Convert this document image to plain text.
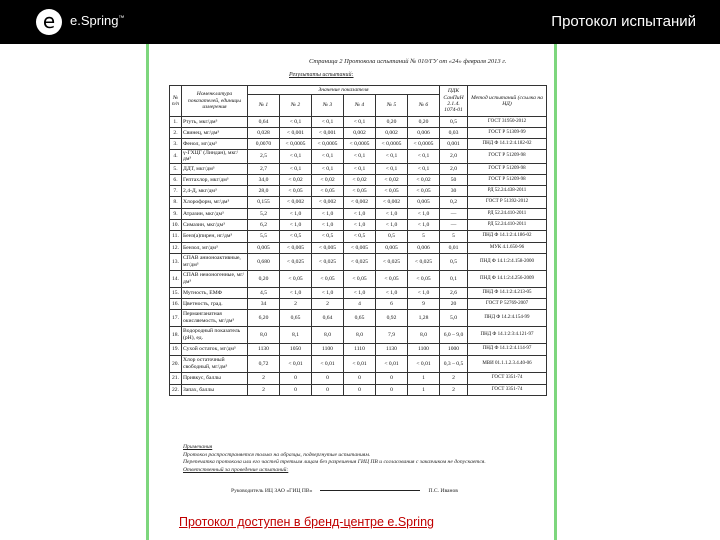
e	e.Spring™	Протокол испытаний
Страница 2 Протокола испытаний № 010/ГУ от «24» февраля 2013 г.
Результаты испытаний:
№ п/п	Номенклатура показателей, единицы измерения	Значение показателя						ПДК СанПиН 2.1.4. 1074-01	Метод испытаний (ссылка на НД)
		№ 1	№ 2	№ 3	№ 4	№ 5	№ 6		
1.	Ртуть, мкг/дм³	0,64	< 0,1	< 0,1	< 0,1	0,20	0,20	0,5	ГОСТ 31950-2012
2.	Свинец, мг/дм³	0,028	< 0,001	< 0,001	0,002	0,002	0,006	0,03	ГОСТ Р 51309-99
3.	Фенол, мг/дм³	0,0070	< 0,0005	< 0,0005	< 0,0005	< 0,0005	< 0,0005	0,001	ПНД Ф 14.1:2:4.182-02
4.	γ-ГХЦГ (Линдан), мкг/дм³	2,5	< 0,1	< 0,1	< 0,1	< 0,1	< 0,1	2,0	ГОСТ Р 51209-98
5.	ДДТ, мкг/дм³	2,7	< 0,1	< 0,1	< 0,1	< 0,1	< 0,1	2,0	ГОСТ Р 51209-98
6.	Гептахлор, мкг/дм³	34,0	< 0,02	< 0,02	< 0,02	< 0,02	< 0,02	50	ГОСТ Р 51209-98
7.	2,4-Д, мкг/дм³	28,0	< 0,05	< 0,05	< 0,05	< 0,05	< 0,05	30	РД 52.24.438-2011
8.	Хлороформ, мг/дм³	0,155	< 0,002	< 0,002	< 0,002	< 0,002	0,005	0,2	ГОСТ Р 51392-2012
9.	Атразин, мкг/дм³	5,2	< 1,0	< 1,0	< 1,0	< 1,0	< 1,0	—	РД 52.24.410-2011
10.	Симазин, мкг/дм³	6,2	< 1,0	< 1,0	< 1,0	< 1,0	< 1,0	—	РД 52.24.410-2011
11.	Бенз(а)пирен, нг/дм³	5,5	< 0,5	< 0,5	< 0,5	0,5	5	5	ПНД Ф 14.1:2:4.186-02
12.	Бензол, мг/дм³	0,005	< 0,005	< 0,005	< 0,005	0,005	0,006	0,01	МУК 4.1.650-96
13.	СПАВ анионоактивные, мг/дм³	0,680	< 0,025	< 0,025	< 0,025	< 0,025	< 0,025	0,5	ПНД Ф 14.1:2:4.158-2000
14.	СПАВ неионогенные, мг/дм³	0,20	< 0,05	< 0,05	< 0,05	< 0,05	< 0,05	0,1	ПНД Ф 14.1:2:4.256-2009
15.	Мутность, ЕМФ	4,5	< 1,0	< 1,0	< 1,0	< 1,0	< 1,0	2,6	ПНД Ф 14.1:2:4.213-05
16.	Цветность, град.	34	2	2	4	6	9	20	ГОСТ Р 52769-2007
17.	Перманганатная окисляемость, мг/дм³	6,20	0,65	0,64	0,65	0,92	1,28	5,0	ПНД Ф 14.2:4.154-99
18.	Водородный показатель (pH), ед.	8,0	8,1	8,0	8,0	7,9	8,0	6,0 – 9,0	ПНД Ф 14.1:2:3:4.121-97
19.	Сухой остаток, мг/дм³	1130	1050	1100	1110	1130	1100	1000	ПНД Ф 14.1:2:4.114-97
20.	Хлор остаточный свободный, мг/дм³	0,72	< 0,01	< 0,01	< 0,01	< 0,01	< 0,01	0,3 – 0,5	МВИ 01.1.1.2.3.4.40-06
21.	Привкус, баллы	2	0	0	0	0	1	2	ГОСТ 3351-74
22.	Запах, баллы	2	0	0	0	0	1	2	ГОСТ 3351-74
Примечания
Протокол распространяется только на образцы, подвергнутые испытаниям.
Перепечатка протокола или его частей третьим лицам без разрешения ГИЦ ПВ и согласования с заказчиком не допускается.
Ответственный за проведение испытаний:
Руководитель ИЦ ЗАО «ГИЦ ПВ»	П.С. Иванов
Протокол доступен в бренд-центре e.Spring
